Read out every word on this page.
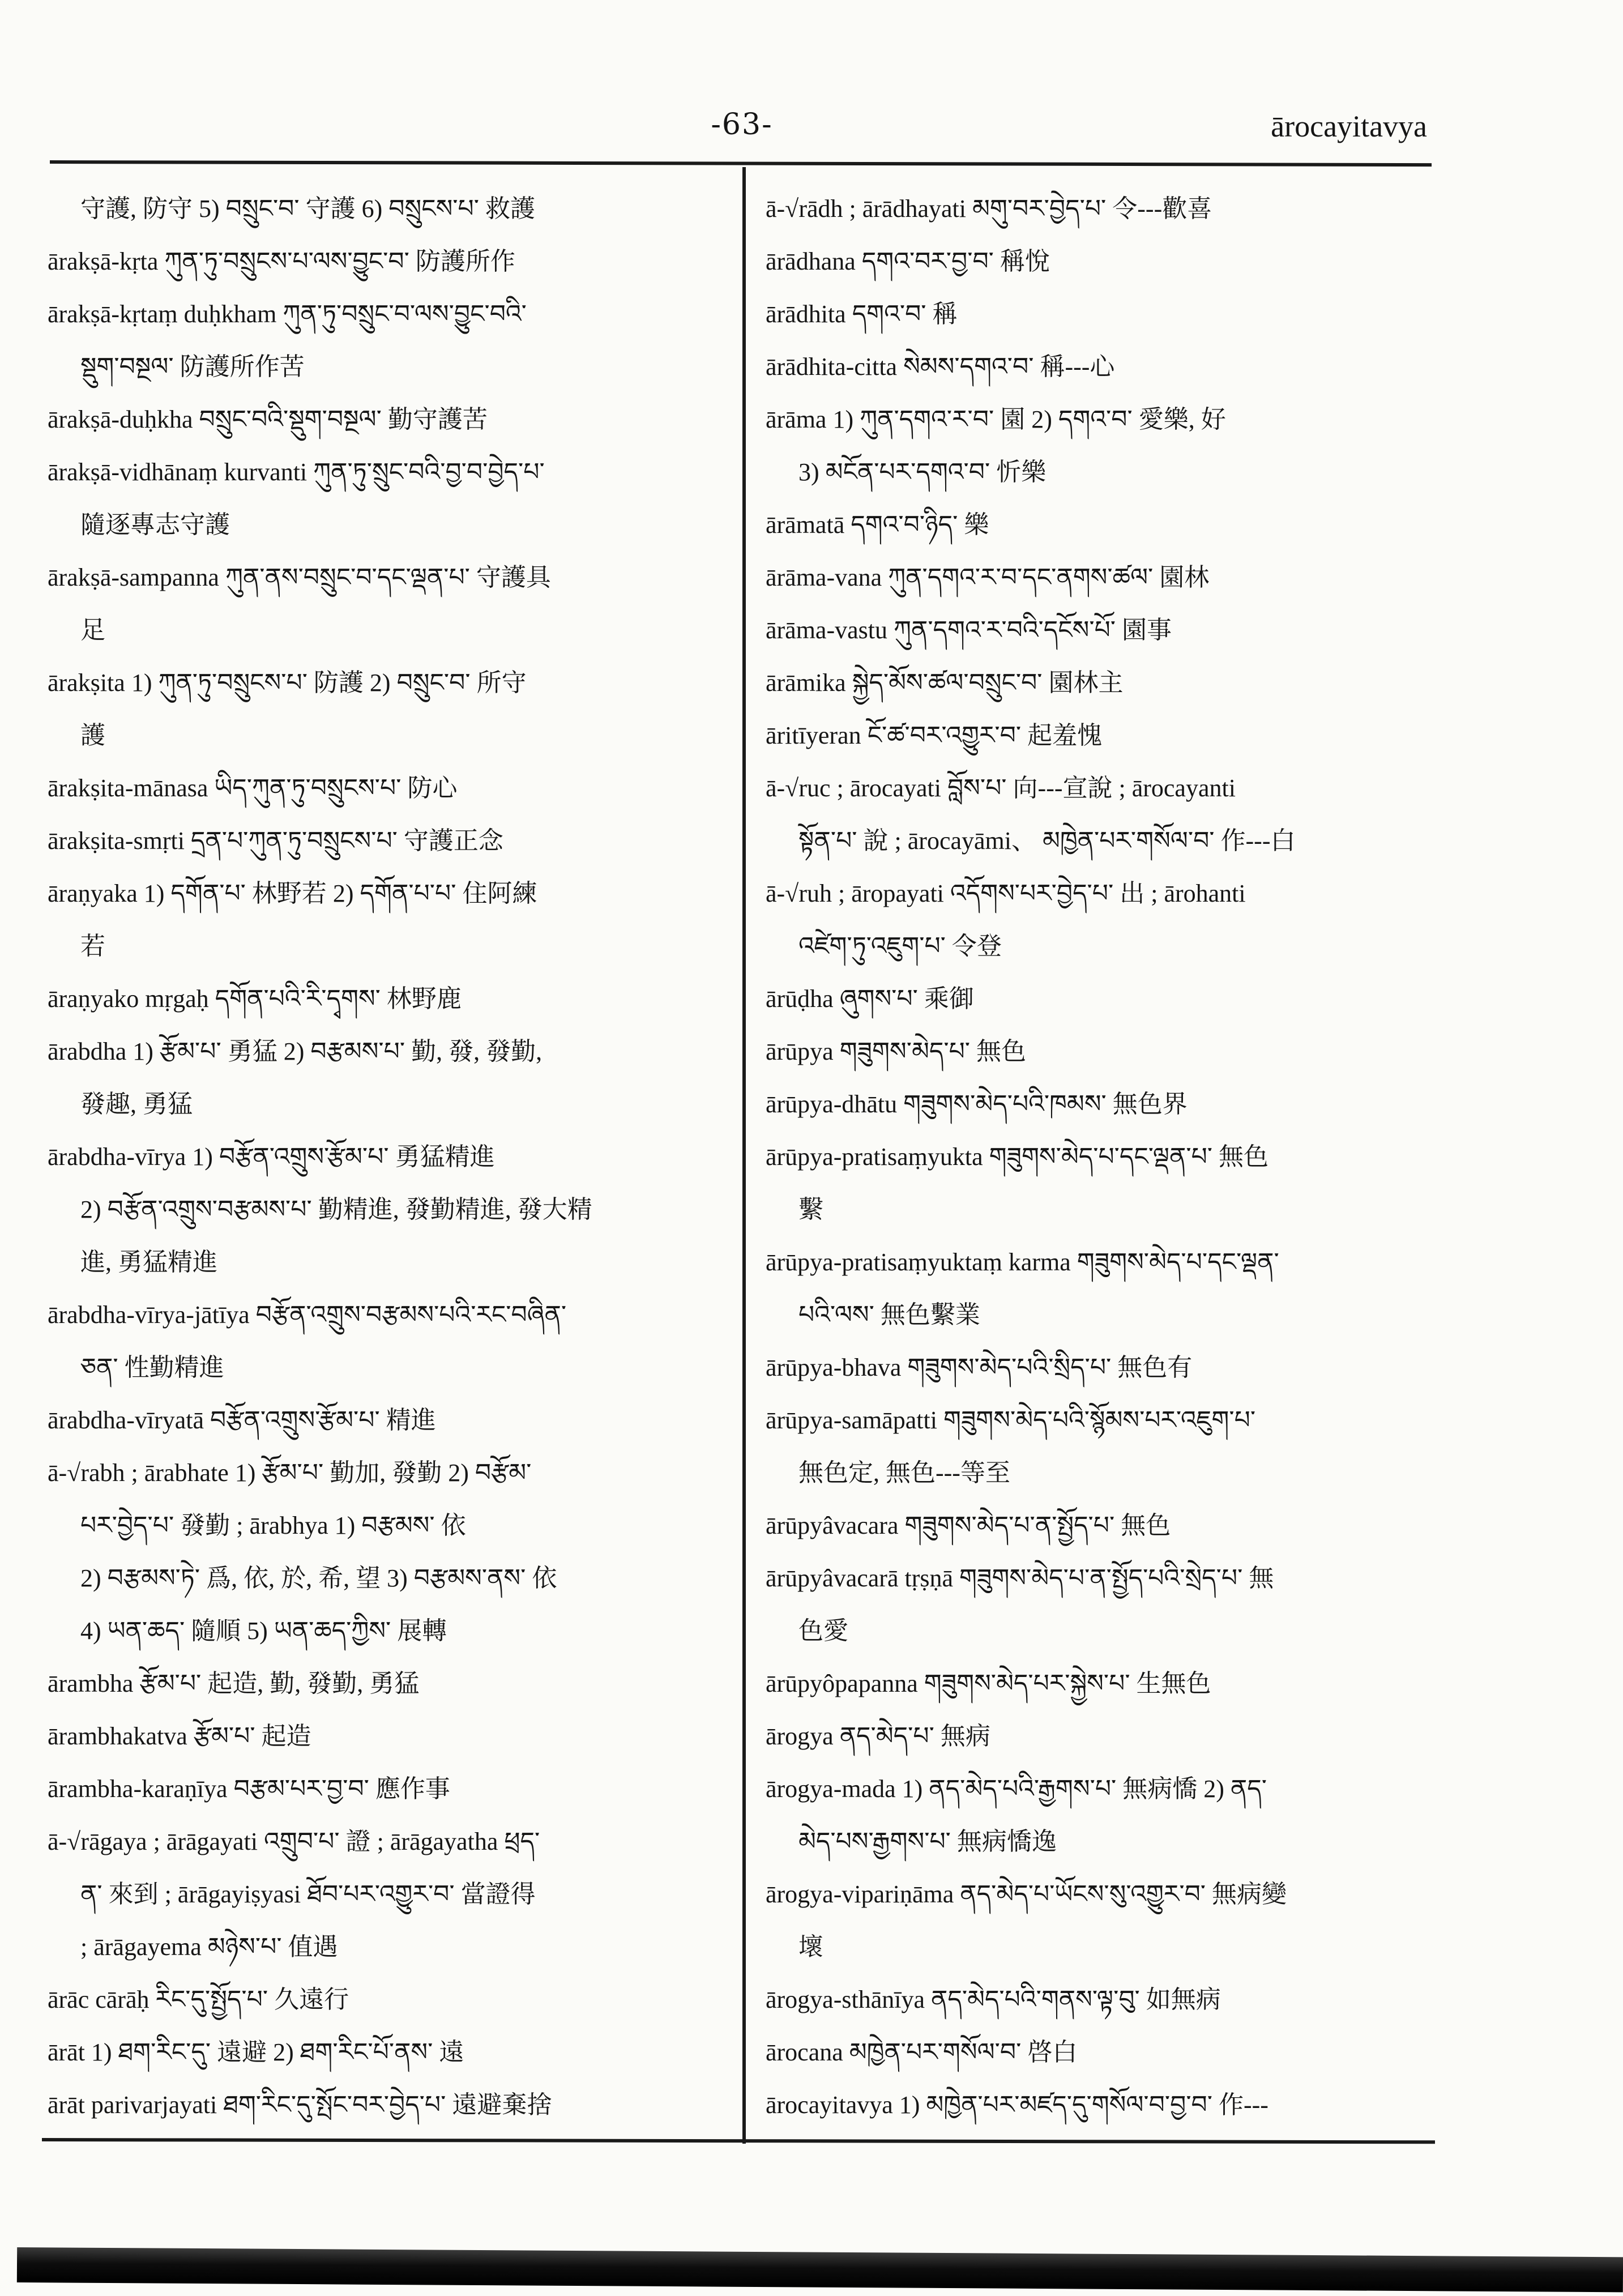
-63-	ārocayitavya
守護, 防守 5) བསྲུང་བ་ 守護 6) བསྲུངས་པ་ 救護
ārakṣā-kṛta ཀུན་ཏུ་བསྲུངས་པ་ལས་བྱུང་བ་ 防護所作
ārakṣā-kṛtaṃ duḥkham ཀུན་ཏུ་བསྲུང་བ་ལས་བྱུང་བའི་
སྡུག་བསྔལ་ 防護所作苦
ārakṣā-duḥkha བསྲུང་བའི་སྡུག་བསྔལ་ 勤守護苦
ārakṣā-vidhānaṃ kurvanti ཀུན་ཏུ་སྲུང་བའི་བྱ་བ་བྱེད་པ་
隨逐專志守護
ārakṣā-sampanna ཀུན་ནས་བསྲུང་བ་དང་ལྡན་པ་ 守護具
足
ārakṣita 1) ཀུན་ཏུ་བསྲུངས་པ་ 防護 2) བསྲུང་བ་ 所守
護
ārakṣita-mānasa ཡིད་ཀུན་ཏུ་བསྲུངས་པ་ 防心
ārakṣita-smṛti དྲན་པ་ཀུན་ཏུ་བསྲུངས་པ་ 守護正念
āraṇyaka 1) དགོན་པ་ 林野若 2) དགོན་པ་པ་ 住阿練
若
āraṇyako mṛgaḥ དགོན་པའི་རི་དྭགས་ 林野鹿
ārabdha 1) རྩོམ་པ་ 勇猛 2) བརྩམས་པ་ 勤, 發, 發勤,
發趣, 勇猛
ārabdha-vīrya 1) བརྩོན་འགྲུས་རྩོམ་པ་ 勇猛精進
2) བརྩོན་འགྲུས་བརྩམས་པ་ 勤精進, 發勤精進, 發大精
進, 勇猛精進
ārabdha-vīrya-jātīya བརྩོན་འགྲུས་བརྩམས་པའི་རང་བཞིན་
ཅན་ 性勤精進
ārabdha-vīryatā བརྩོན་འགྲུས་རྩོམ་པ་ 精進
ā-√rabh ; ārabhate 1) རྩོམ་པ་ 勤加, 發勤 2) བརྩོམ་
པར་བྱེད་པ་ 發勤 ; ārabhya 1) བརྩམས་ 依
2) བརྩམས་ཏེ་ 爲, 依, 於, 希, 望 3) བརྩམས་ནས་ 依
4) ཡན་ཆད་ 隨順 5) ཡན་ཆད་ཀྱིས་ 展轉
ārambha རྩོམ་པ་ 起造, 勤, 發勤, 勇猛
ārambhakatva རྩོམ་པ་ 起造
ārambha-karaṇīya བརྩམ་པར་བྱ་བ་ 應作事
ā-√rāgaya ; ārāgayati འགྲུབ་པ་ 證 ; ārāgayatha ཕྲད་
ན་ 來到 ; ārāgayiṣyasi ཐོབ་པར་འགྱུར་བ་ 當證得
; ārāgayema མཉེས་པ་ 值遇
ārāc cārāḥ རིང་དུ་སྤྱོད་པ་ 久遠行
ārāt 1) ཐག་རིང་དུ་ 遠避 2) ཐག་རིང་པོ་ནས་ 遠
ārāt parivarjayati ཐག་རིང་དུ་སྤོང་བར་བྱེད་པ་ 遠避棄捨
ā-√rādh ; ārādhayati མགུ་བར་བྱེད་པ་ 令---歡喜
ārādhana དགའ་བར་བྱ་བ་ 稱悅
ārādhita དགའ་བ་ 稱
ārādhita-citta སེམས་དགའ་བ་ 稱---心
ārāma 1) ཀུན་དགའ་ར་བ་ 園 2) དགའ་བ་ 愛樂, 好
3) མངོན་པར་དགའ་བ་ 忻樂
ārāmatā དགའ་བ་ཉིད་ 樂
ārāma-vana ཀུན་དགའ་ར་བ་དང་ནགས་ཚལ་ 園林
ārāma-vastu ཀུན་དགའ་ར་བའི་དངོས་པོ་ 園事
ārāmika སྐྱེད་མོས་ཚལ་བསྲུང་བ་ 園林主
āritīyeran ངོ་ཚ་བར་འགྱུར་བ་ 起羞愧
ā-√ruc ; ārocayati བློས་པ་ 向---宣說 ; ārocayanti
སྟོན་པ་ 說 ; ārocayāmi、 མཁྱེན་པར་གསོལ་བ་ 作---白
ā-√ruh ; āropayati འདོགས་པར་བྱེད་པ་ 出 ; ārohanti
འཛེག་ཏུ་འཇུག་པ་ 令登
ārūḍha ཞུགས་པ་ 乘御
ārūpya གཟུགས་མེད་པ་ 無色
ārūpya-dhātu གཟུགས་མེད་པའི་ཁམས་ 無色界
ārūpya-pratisaṃyukta གཟུགས་མེད་པ་དང་ལྡན་པ་ 無色
繫
ārūpya-pratisaṃyuktaṃ karma གཟུགས་མེད་པ་དང་ལྡན་
པའི་ལས་ 無色繫業
ārūpya-bhava གཟུགས་མེད་པའི་སྲིད་པ་ 無色有
ārūpya-samāpatti གཟུགས་མེད་པའི་སྙོམས་པར་འཇུག་པ་
無色定, 無色---等至
ārūpyâvacara གཟུགས་མེད་པ་ན་སྤྱོད་པ་ 無色
ārūpyâvacarā tṛṣṇā གཟུགས་མེད་པ་ན་སྤྱོད་པའི་སྲེད་པ་ 無
色愛
ārūpyôpapanna གཟུགས་མེད་པར་སྐྱེས་པ་ 生無色
ārogya ནད་མེད་པ་ 無病
ārogya-mada 1) ནད་མེད་པའི་རྒྱགས་པ་ 無病憍 2) ནད་
མེད་པས་རྒྱགས་པ་ 無病憍逸
ārogya-vipariṇāma ནད་མེད་པ་ཡོངས་སུ་འགྱུར་བ་ 無病變
壞
ārogya-sthānīya ནད་མེད་པའི་གནས་ལྟ་བུ་ 如無病
ārocana མཁྱེན་པར་གསོལ་བ་ 啓白
ārocayitavya 1) མཁྱེན་པར་མཛད་དུ་གསོལ་བ་བྱ་བ་ 作---
